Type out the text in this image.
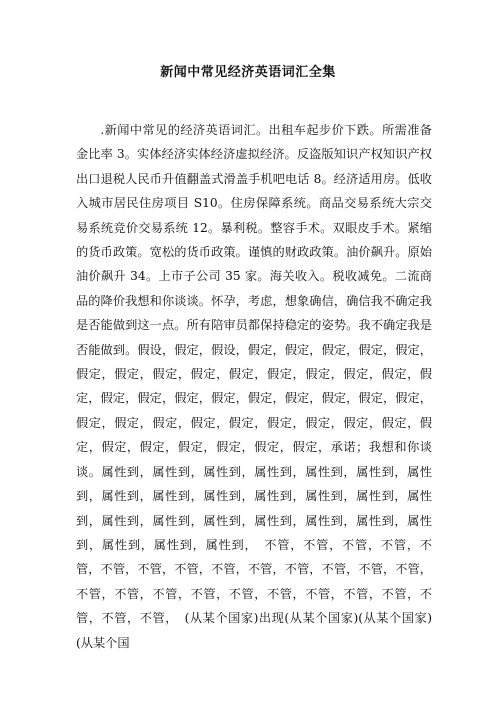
新闻中常见经济英语词汇全集

.新闻中常见的经济英语词汇。出租车起步价下跌。所需准备金比率 3。实体经济实体经济虚拟经济。反盗版知识产权知识产权出口退税人民币升值翻盖式滑盖手机吧电话 8。经济适用房。低收入城市居民住房项目 S10。住房保障系统。商品交易系统大宗交易系统竞价交易系统 12。暴利税。整容手术。双眼皮手术。紧缩的货币政策。宽松的货币政策。谨慎的财政政策。油价飙升。原始油价飙升 34。上市子公司 35 家。海关收入。税收减免。二流商品的降价我想和你谈谈。怀孕，考虑，想象确信，确信我不确定我是否能做到这一点。所有陪审员都保持稳定的姿势。我不确定我是否能做到。假设，假定，假设，假定，假定，假定，假定，假定，假定，假定，假定，假定，假定，假定，假定，假定，假定，假定，假定，假定，假定，假定，假定，假定，假定，假定，假定，假定，假定，假定，假定，假定，假定，假定，假定，假定，假定，假定，假定，假定，假定，假定，假定，承诺；我想和你谈谈。属性到，属性到，属性到，属性到，属性到，属性到，属性到，属性到，属性到，属性到，属性到，属性到，属性到，属性到，属性到，属性到，属性到，属性到，属性到，属性到，属性到，属性到，属性到，属性到，　不管，不管，不管，不管，不管，不管，不管，不管，不管，不管，不管，不管，不管，不管，不管，不管，不管，不管，不管，不管，不管，不管，不管，不管，不管，不管，　(从某个国家)出现(从某个国家)(从某个国家)(从某个国
